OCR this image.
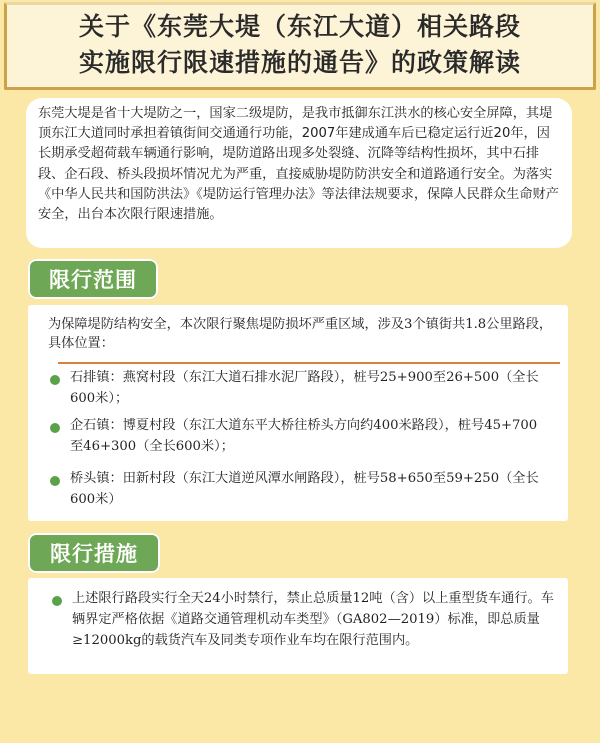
关于《东莞大堤（东江大道）相关路段
实施限行限速措施的通告》的政策解读

东莞大堤是省十大堤防之一，国家二级堤防，是我市抵御东江洪水的核心安全屏障，其堤顶东江大道同时承担着镇街间交通通行功能，2007年建成通车后已稳定运行近20年，因长期承受超荷载车辆通行影响，堤防道路出现多处裂缝、沉降等结构性损坏，其中石排段、企石段、桥头段损坏情况尤为严重，直接威胁堤防防洪安全和道路通行安全。为落实《中华人民共和国防洪法》《堤防运行管理办法》等法律法规要求，保障人民群众生命财产安全，出台本次限行限速措施。

限行范围

为保障堤防结构安全，本次限行聚焦堤防损坏严重区域，涉及3个镇街共1.8公里路段，具体位置：

石排镇：燕窝村段（东江大道石排水泥厂路段），桩号25+900至26+500（全长600米）；
企石镇：博夏村段（东江大道东平大桥往桥头方向约400米路段），桩号45+700至46+300（全长600米）；
桥头镇：田新村段（东江大道逆风潭水闸路段），桩号58+650至59+250（全长600米）
限行措施
上述限行路段实行全天24小时禁行，禁止总质量12吨（含）以上重型货车通行。车辆界定严格依据《道路交通管理机动车类型》（GA802—2019）标准，即总质量≥12000kg的载货汽车及同类专项作业车均在限行范围内。
